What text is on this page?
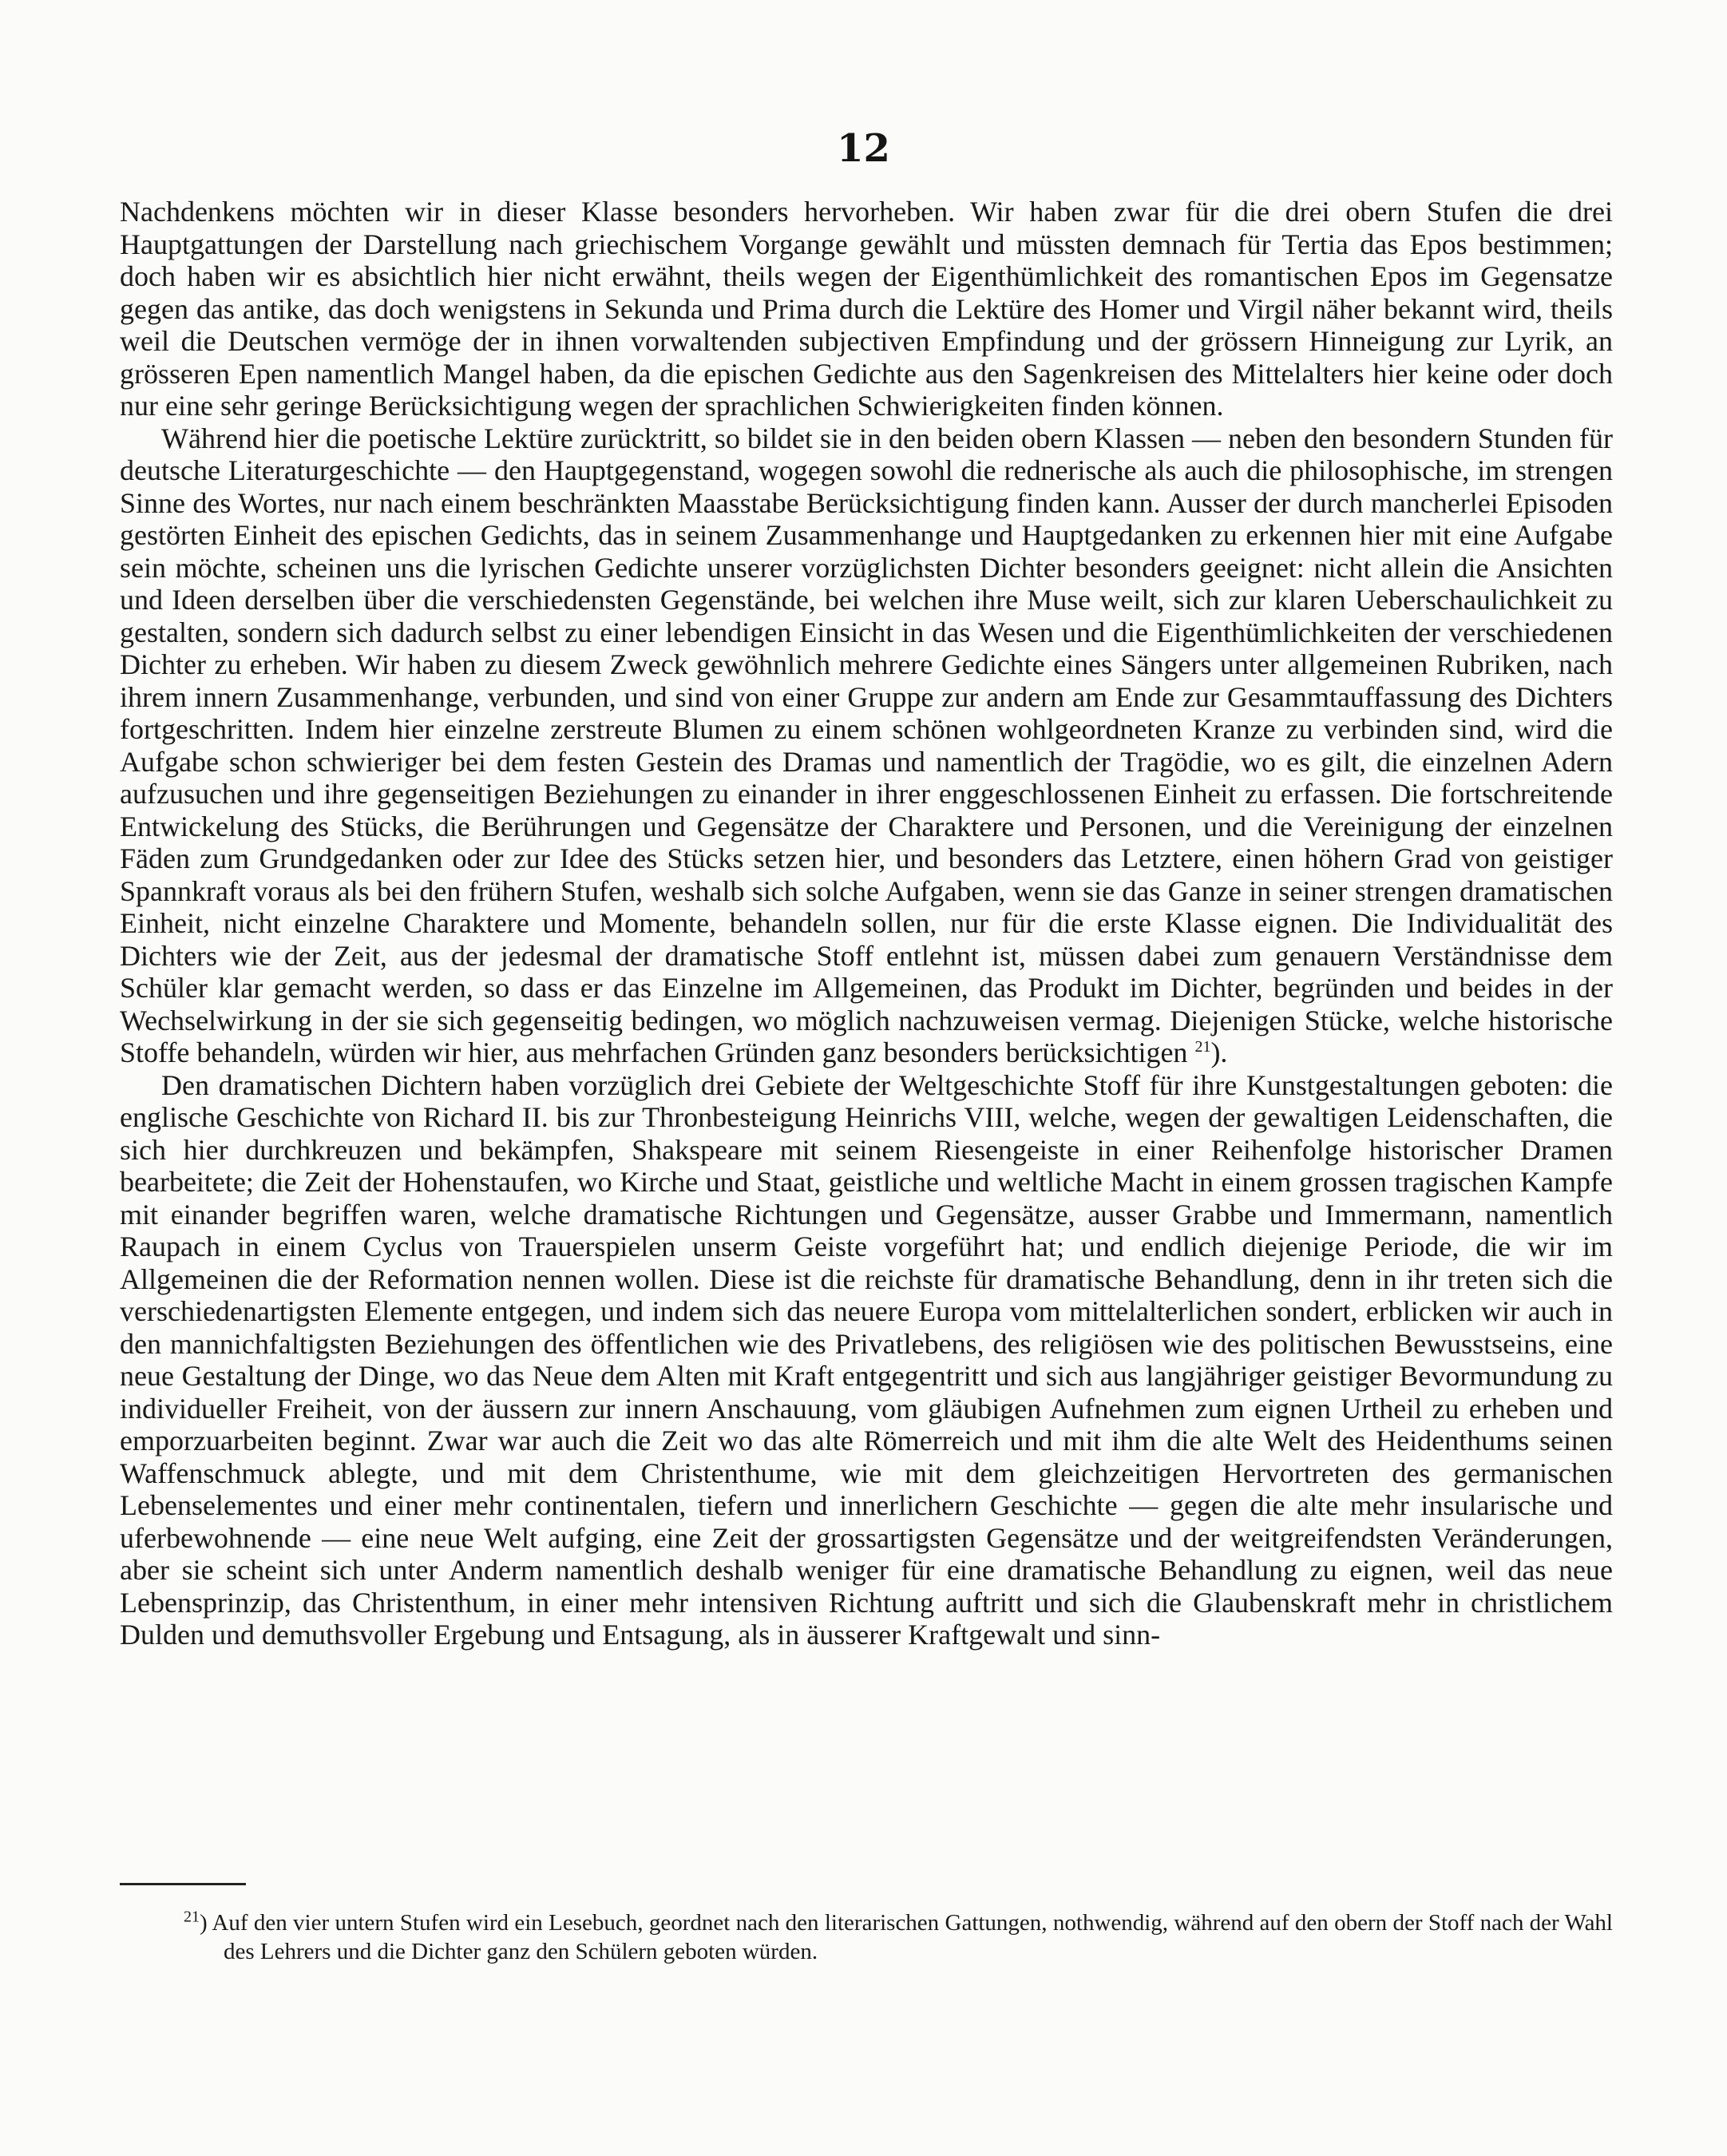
12

Nachdenkens möchten wir in dieser Klasse besonders hervorheben. Wir haben zwar für die drei obern Stufen die drei Hauptgattungen der Darstellung nach griechischem Vorgange gewählt und müssten demnach für Tertia das Epos bestimmen; doch haben wir es absichtlich hier nicht erwähnt, theils wegen der Eigenthümlichkeit des romantischen Epos im Gegensatze gegen das antike, das doch wenigstens in Sekunda und Prima durch die Lektüre des Homer und Virgil näher bekannt wird, theils weil die Deutschen vermöge der in ihnen vorwaltenden subjectiven Empfindung und der grössern Hinneigung zur Lyrik, an grösseren Epen namentlich Mangel haben, da die epischen Gedichte aus den Sagenkreisen des Mittelalters hier keine oder doch nur eine sehr geringe Berücksichtigung wegen der sprachlichen Schwierigkeiten finden können.

Während hier die poetische Lektüre zurücktritt, so bildet sie in den beiden obern Klassen — neben den besondern Stunden für deutsche Literaturgeschichte — den Hauptgegenstand, wogegen sowohl die rednerische als auch die philosophische, im strengen Sinne des Wortes, nur nach einem beschränkten Maasstabe Berücksichtigung finden kann. Ausser der durch mancherlei Episoden gestörten Einheit des epischen Gedichts, das in seinem Zusammenhange und Hauptgedanken zu erkennen hier mit eine Aufgabe sein möchte, scheinen uns die lyrischen Gedichte unserer vorzüglichsten Dichter besonders geeignet: nicht allein die Ansichten und Ideen derselben über die verschiedensten Gegenstände, bei welchen ihre Muse weilt, sich zur klaren Ueberschaulichkeit zu gestalten, sondern sich dadurch selbst zu einer lebendigen Einsicht in das Wesen und die Eigenthümlichkeiten der verschiedenen Dichter zu erheben. Wir haben zu diesem Zweck gewöhnlich mehrere Gedichte eines Sängers unter allgemeinen Rubriken, nach ihrem innern Zusammenhange, verbunden, und sind von einer Gruppe zur andern am Ende zur Gesammtauffassung des Dichters fortgeschritten. Indem hier einzelne zerstreute Blumen zu einem schönen wohlgeordneten Kranze zu verbinden sind, wird die Aufgabe schon schwieriger bei dem festen Gestein des Dramas und namentlich der Tragödie, wo es gilt, die einzelnen Adern aufzusuchen und ihre gegenseitigen Beziehungen zu einander in ihrer enggeschlossenen Einheit zu erfassen. Die fortschreitende Entwickelung des Stücks, die Berührungen und Gegensätze der Charaktere und Personen, und die Vereinigung der einzelnen Fäden zum Grundgedanken oder zur Idee des Stücks setzen hier, und besonders das Letztere, einen höhern Grad von geistiger Spannkraft voraus als bei den frühern Stufen, weshalb sich solche Aufgaben, wenn sie das Ganze in seiner strengen dramatischen Einheit, nicht einzelne Charaktere und Momente, behandeln sollen, nur für die erste Klasse eignen. Die Individualität des Dichters wie der Zeit, aus der jedesmal der dramatische Stoff entlehnt ist, müssen dabei zum genauern Verständnisse dem Schüler klar gemacht werden, so dass er das Einzelne im Allgemeinen, das Produkt im Dichter, begründen und beides in der Wechselwirkung in der sie sich gegenseitig bedingen, wo möglich nachzuweisen vermag. Diejenigen Stücke, welche historische Stoffe behandeln, würden wir hier, aus mehrfachen Gründen ganz besonders berücksichtigen $^{21}$).

Den dramatischen Dichtern haben vorzüglich drei Gebiete der Weltgeschichte Stoff für ihre Kunstgestaltungen geboten: die englische Geschichte von Richard II. bis zur Thronbesteigung Heinrichs VIII, welche, wegen der gewaltigen Leidenschaften, die sich hier durchkreuzen und bekämpfen, Shakspeare mit seinem Riesengeiste in einer Reihenfolge historischer Dramen bearbeitete; die Zeit der Hohenstaufen, wo Kirche und Staat, geistliche und weltliche Macht in einem grossen tragischen Kampfe mit einander begriffen waren, welche dramatische Richtungen und Gegensätze, ausser Grabbe und Immermann, namentlich Raupach in einem Cyclus von Trauerspielen unserm Geiste vorgeführt hat; und endlich diejenige Periode, die wir im Allgemeinen die der Reformation nennen wollen. Diese ist die reichste für dramatische Behandlung, denn in ihr treten sich die verschiedenartigsten Elemente entgegen, und indem sich das neuere Europa vom mittelalterlichen sondert, erblicken wir auch in den mannichfaltigsten Beziehungen des öffentlichen wie des Privatlebens, des religiösen wie des politischen Bewusstseins, eine neue Gestaltung der Dinge, wo das Neue dem Alten mit Kraft entgegentritt und sich aus langjähriger geistiger Bevormundung zu individueller Freiheit, von der äussern zur innern Anschauung, vom gläubigen Aufnehmen zum eignen Urtheil zu erheben und emporzuarbeiten beginnt. Zwar war auch die Zeit wo das alte Römerreich und mit ihm die alte Welt des Heidenthums seinen Waffenschmuck ablegte, und mit dem Christenthume, wie mit dem gleichzeitigen Hervortreten des germanischen Lebenselementes und einer mehr continentalen, tiefern und innerlichern Geschichte — gegen die alte mehr insularische und uferbewohnende — eine neue Welt aufging, eine Zeit der grossartigsten Gegensätze und der weitgreifendsten Veränderungen, aber sie scheint sich unter Anderm namentlich deshalb weniger für eine dramatische Behandlung zu eignen, weil das neue Lebensprinzip, das Christenthum, in einer mehr intensiven Richtung auftritt und sich die Glaubenskraft mehr in christlichem Dulden und demuthsvoller Ergebung und Entsagung, als in äusserer Kraftgewalt und sinn-

$^{21}$) Auf den vier untern Stufen wird ein Lesebuch, geordnet nach den literarischen Gattungen, nothwendig, während auf den obern der Stoff nach der Wahl des Lehrers und die Dichter ganz den Schülern geboten würden.
